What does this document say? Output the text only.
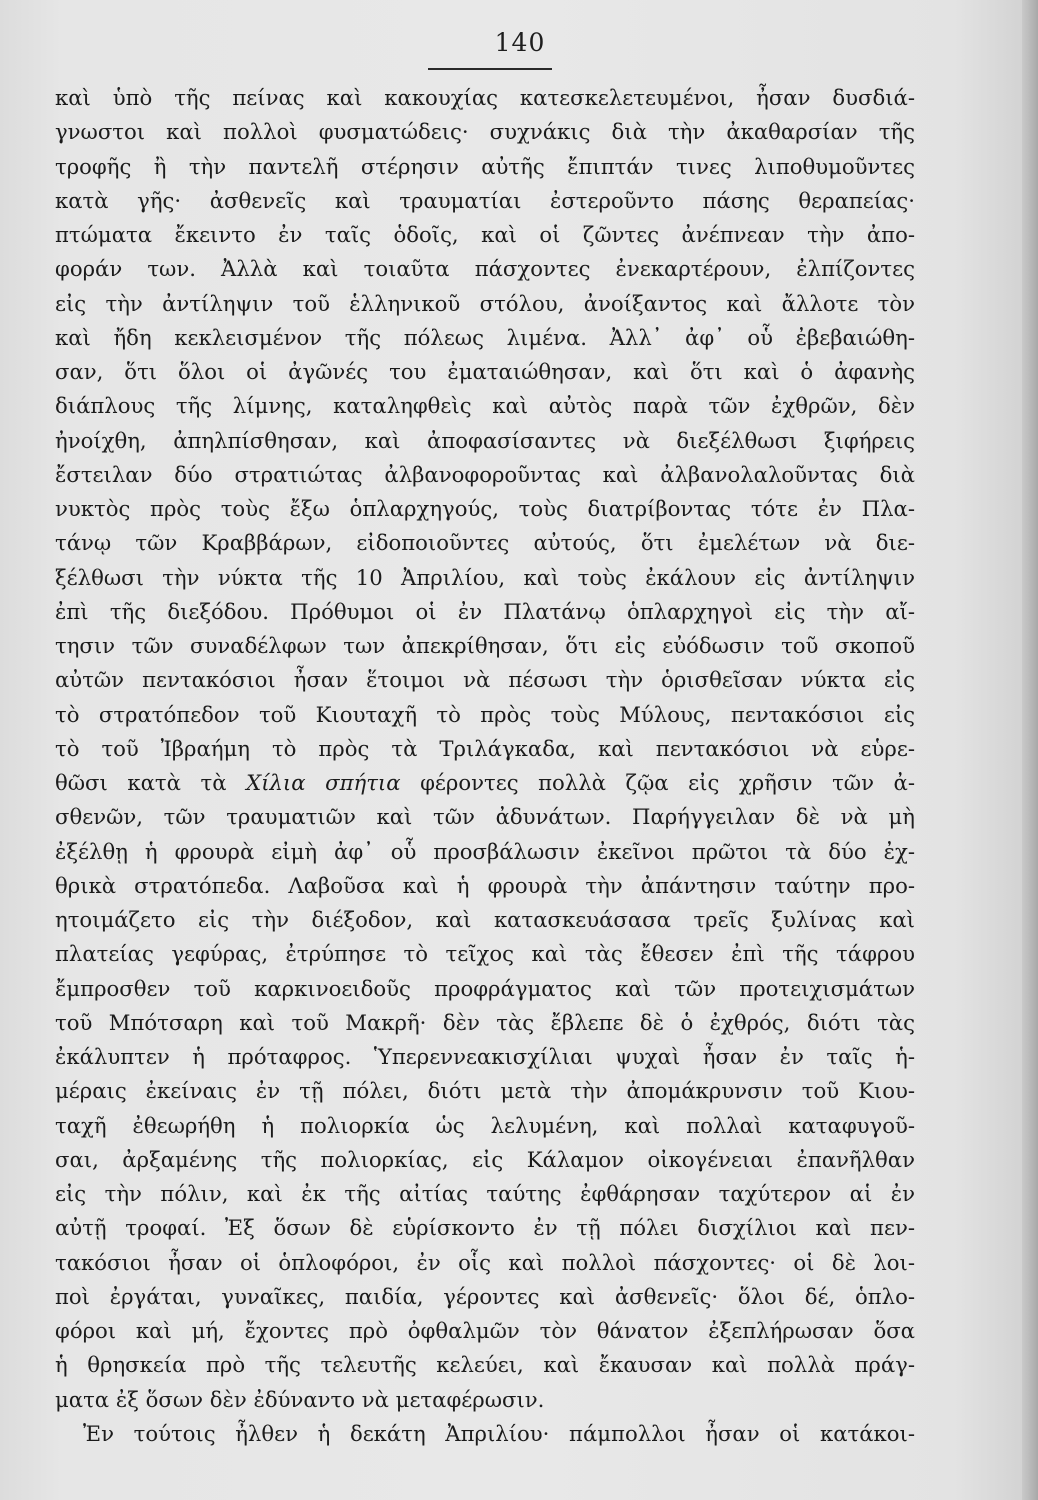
140
καὶ ὑπὸ τῆς πείνας καὶ κακουχίας κατεσκελετευμένοι, ἦσαν δυσδιά-
γνωστοι καὶ πολλοὶ φυσματώδεις· συχνάκις διὰ τὴν ἀκαθαρσίαν τῆς
τροφῆς ἢ τὴν παντελῆ στέρησιν αὐτῆς ἔπιπτάν τινες λιποθυμοῦντες
κατὰ γῆς· ἀσθενεῖς καὶ τραυματίαι ἐστεροῦντο πάσης θεραπείας·
πτώματα ἔκειντο ἐν ταῖς ὁδοῖς, καὶ οἱ ζῶντες ἀνέπνεαν τὴν ἀπο-
φοράν των. Ἀλλὰ καὶ τοιαῦτα πάσχοντες ἐνεκαρτέρουν, ἐλπίζοντες
εἰς τὴν ἀντίληψιν τοῦ ἑλληνικοῦ στόλου, ἀνοίξαντος καὶ ἄλλοτε τὸν
καὶ ἤδη κεκλεισμένον τῆς πόλεως λιμένα. Ἀλλ᾽ ἀφ᾽ οὗ ἐβεβαιώθη-
σαν, ὅτι ὅλοι οἱ ἀγῶνές του ἐματαιώθησαν, καὶ ὅτι καὶ ὁ ἀφανὴς
διάπλους τῆς λίμνης, καταληφθεὶς καὶ αὐτὸς παρὰ τῶν ἐχθρῶν, δὲν
ἠνοίχθη, ἀπηλπίσθησαν, καὶ ἀποφασίσαντες νὰ διεξέλθωσι ξιφήρεις
ἔστειλαν δύο στρατιώτας ἀλβανοφοροῦντας καὶ ἀλβανολαλοῦντας διὰ
νυκτὸς πρὸς τοὺς ἔξω ὁπλαρχηγούς, τοὺς διατρίβοντας τότε ἐν Πλα-
τάνῳ τῶν Κραββάρων, εἰδοποιοῦντες αὐτούς, ὅτι ἐμελέτων νὰ διε-
ξέλθωσι τὴν νύκτα τῆς 10 Ἀπριλίου, καὶ τοὺς ἐκάλουν εἰς ἀντίληψιν
ἐπὶ τῆς διεξόδου. Πρόθυμοι οἱ ἐν Πλατάνῳ ὁπλαρχηγοὶ εἰς τὴν αἴ-
τησιν τῶν συναδέλφων των ἀπεκρίθησαν, ὅτι εἰς εὐόδωσιν τοῦ σκοποῦ
αὐτῶν πεντακόσιοι ἦσαν ἕτοιμοι νὰ πέσωσι τὴν ὁρισθεῖσαν νύκτα εἰς
τὸ στρατόπεδον τοῦ Κιουταχῆ τὸ πρὸς τοὺς Μύλους, πεντακόσιοι εἰς
τὸ τοῦ Ἰβραήμη τὸ πρὸς τὰ Τριλάγκαδα, καὶ πεντακόσιοι νὰ εὑρε-
θῶσι κατὰ τὰ Χίλια σπήτια φέροντες πολλὰ ζῷα εἰς χρῆσιν τῶν ἀ-
σθενῶν, τῶν τραυματιῶν καὶ τῶν ἀδυνάτων. Παρήγγειλαν δὲ νὰ μὴ
ἐξέλθῃ ἡ φρουρὰ εἰμὴ ἀφ᾽ οὗ προσβάλωσιν ἐκεῖνοι πρῶτοι τὰ δύο ἐχ-
θρικὰ στρατόπεδα. Λαβοῦσα καὶ ἡ φρουρὰ τὴν ἀπάντησιν ταύτην προ-
ητοιμάζετο εἰς τὴν διέξοδον, καὶ κατασκευάσασα τρεῖς ξυλίνας καὶ
πλατείας γεφύρας, ἐτρύπησε τὸ τεῖχος καὶ τὰς ἔθεσεν ἐπὶ τῆς τάφρου
ἔμπροσθεν τοῦ καρκινοειδοῦς προφράγματος καὶ τῶν προτειχισμάτων
τοῦ Μπότσαρη καὶ τοῦ Μακρῆ· δὲν τὰς ἔβλεπε δὲ ὁ ἐχθρός, διότι τὰς
ἐκάλυπτεν ἡ πρόταφρος. Ὑπερεννεακισχίλιαι ψυχαὶ ἦσαν ἐν ταῖς ἡ-
μέραις ἐκείναις ἐν τῇ πόλει, διότι μετὰ τὴν ἀπομάκρυνσιν τοῦ Κιου-
ταχῆ ἐθεωρήθη ἡ πολιορκία ὡς λελυμένη, καὶ πολλαὶ καταφυγοῦ-
σαι, ἀρξαμένης τῆς πολιορκίας, εἰς Κάλαμον οἰκογένειαι ἐπανῆλθαν
εἰς τὴν πόλιν, καὶ ἐκ τῆς αἰτίας ταύτης ἐφθάρησαν ταχύτερον αἱ ἐν
αὐτῇ τροφαί. Ἐξ ὅσων δὲ εὑρίσκοντο ἐν τῇ πόλει δισχίλιοι καὶ πεν-
τακόσιοι ἦσαν οἱ ὁπλοφόροι, ἐν οἷς καὶ πολλοὶ πάσχοντες· οἱ δὲ λοι-
ποὶ ἐργάται, γυναῖκες, παιδία, γέροντες καὶ ἀσθενεῖς· ὅλοι δέ, ὁπλο-
φόροι καὶ μή, ἔχοντες πρὸ ὀφθαλμῶν τὸν θάνατον ἐξεπλήρωσαν ὅσα
ἡ θρησκεία πρὸ τῆς τελευτῆς κελεύει, καὶ ἔκαυσαν καὶ πολλὰ πράγ-
ματα ἐξ ὅσων δὲν ἐδύναντο νὰ μεταφέρωσιν.
Ἐν τούτοις ἦλθεν ἡ δεκάτη Ἀπριλίου· πάμπολλοι ἦσαν οἱ κατάκοι-
